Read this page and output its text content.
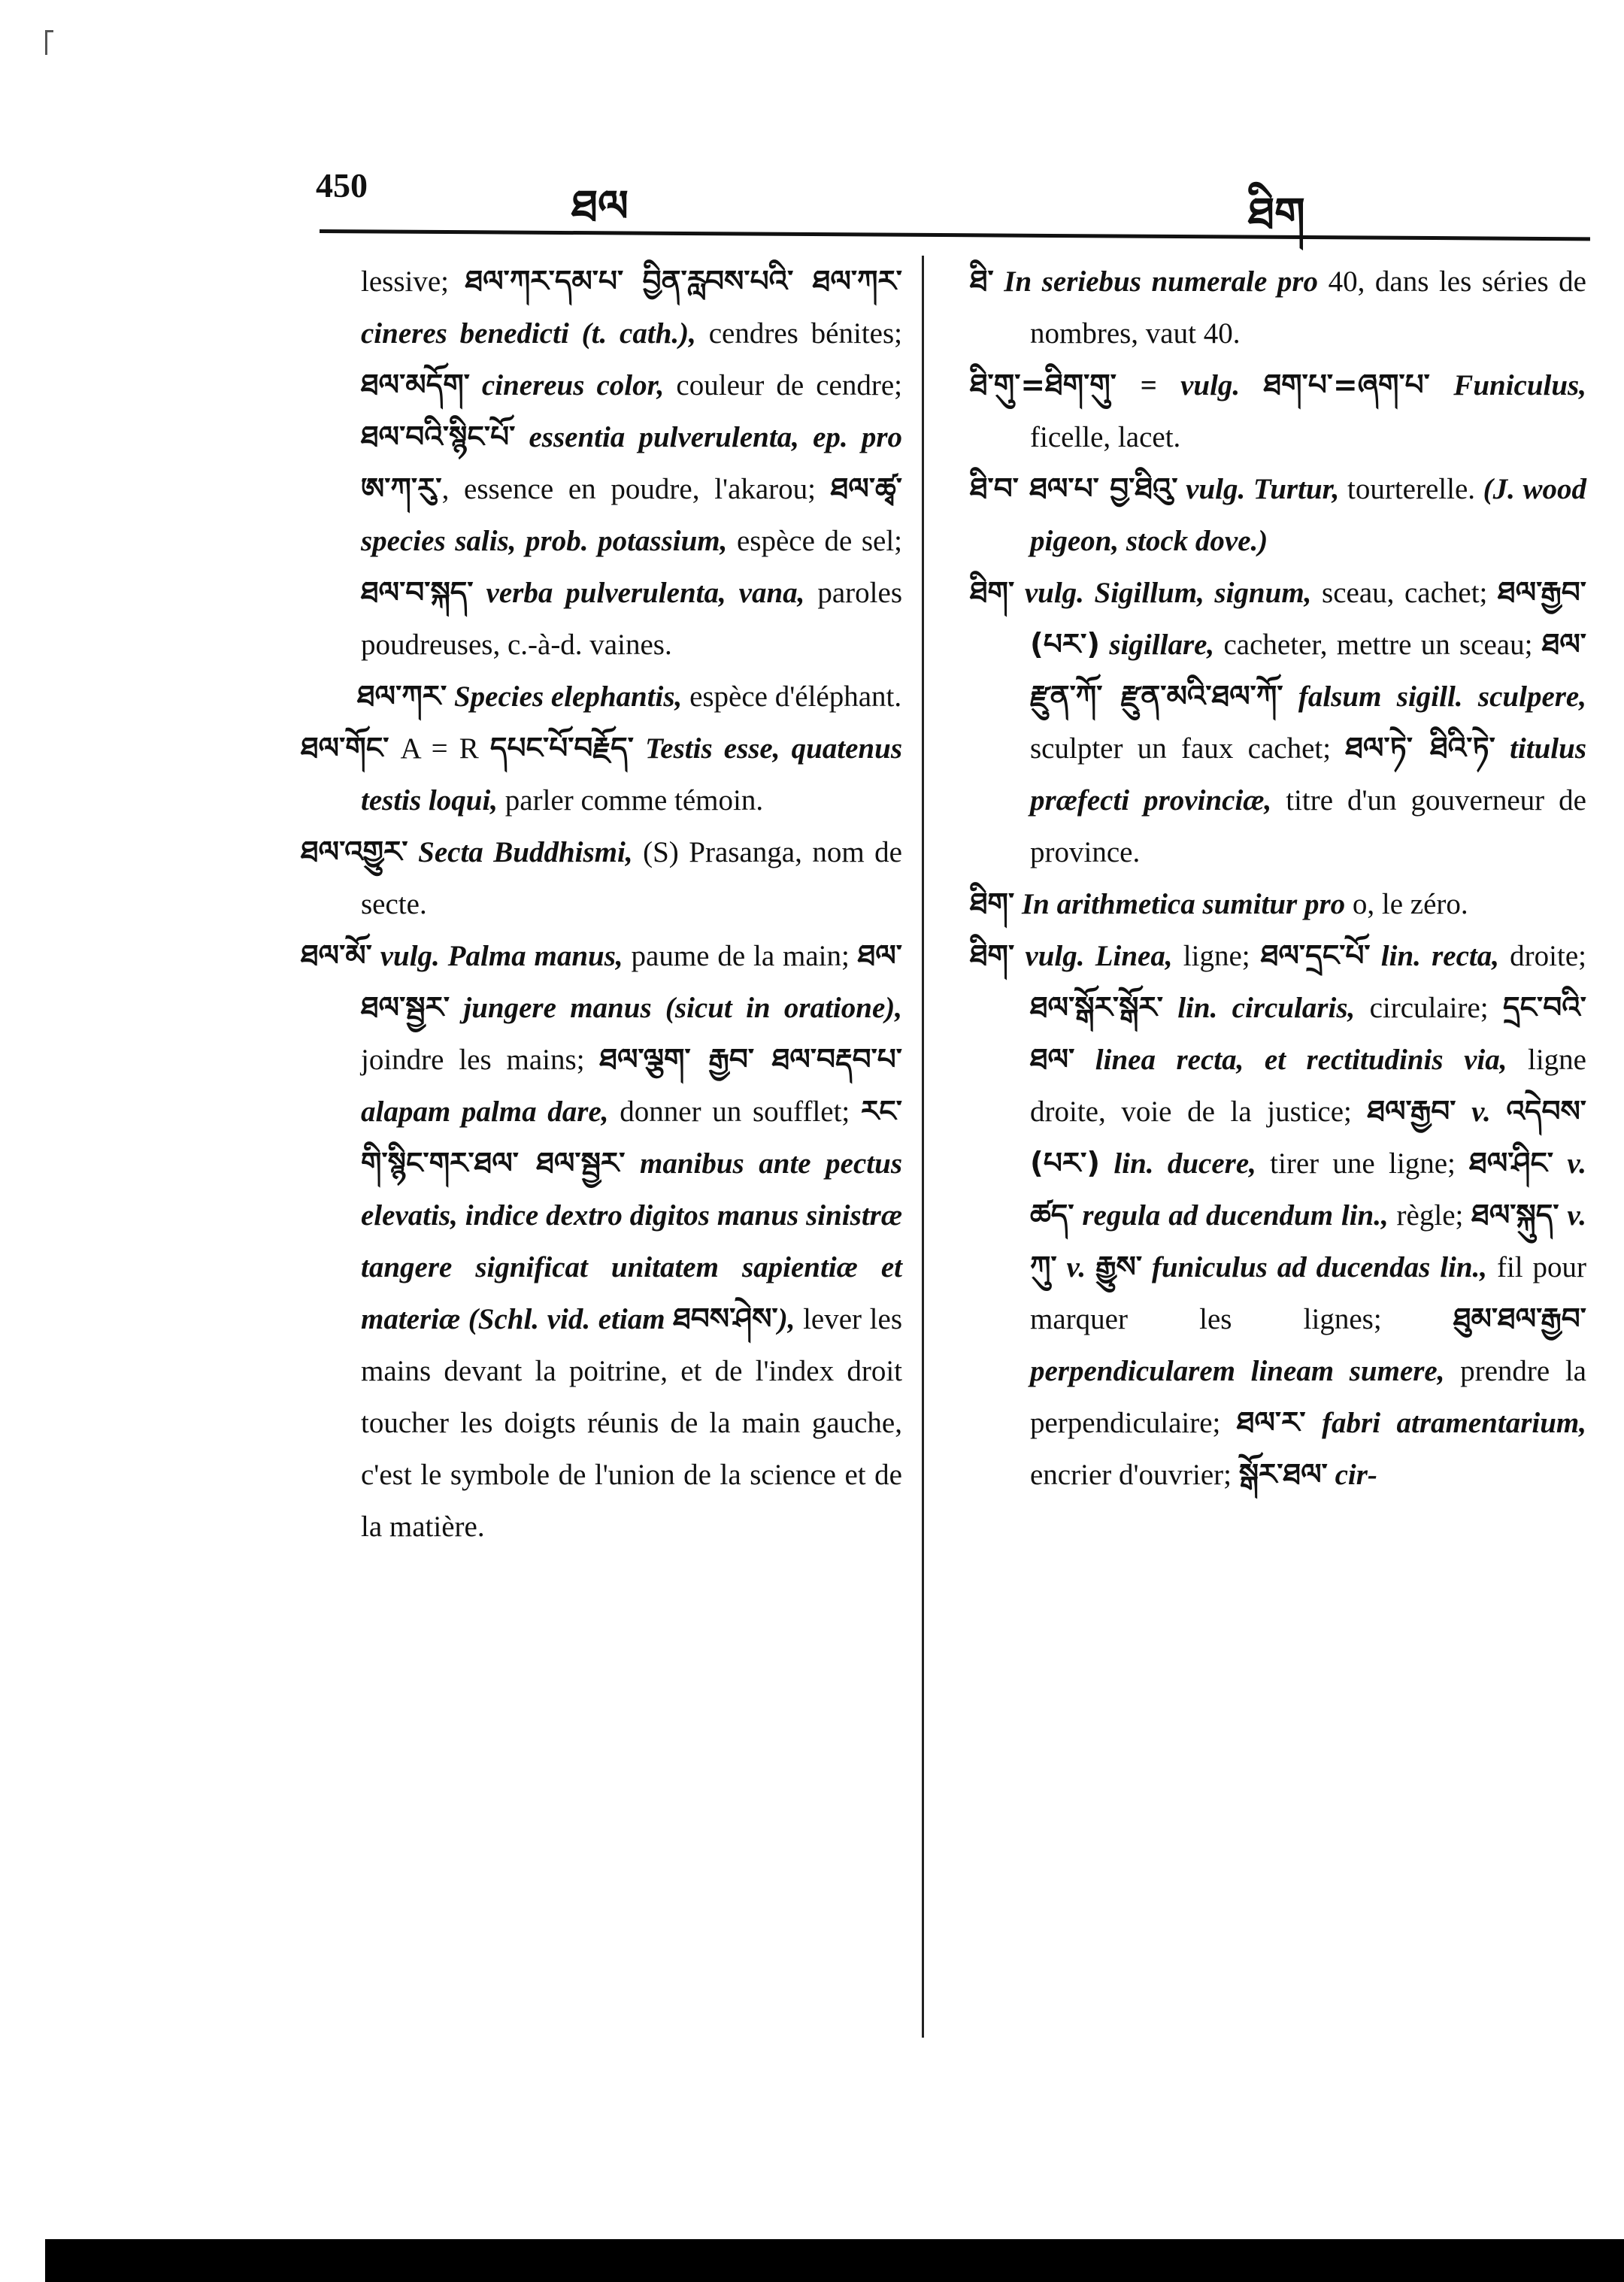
450	ཐལ	ཐིག

lessive; ཐལ་ཀར་དམ་པ་ བྱིན་རླབས་པའི་ ཐལ་ཀར་ cineres benedicti (t. cath.), cendres bénites; ཐལ་མདོག་ cinereus color, couleur de cendre; ཐལ་བའི་སྙིང་པོ་ essentia pulverulenta, ep. pro ཨ་ཀ་རུ་, essence en poudre, l'akarou; ཐལ་ཚྭ་ species salis, prob. potassium, espèce de sel; ཐལ་བ་སྐད་ verba pulverulenta, vana, paroles poudreuses, c.-à-d. vaines.

ཐལ་ཀར་ Species elephantis, espèce d'éléphant.

ཐལ་གོང་ A = R དཔང་པོ་བརྗོད་ Testis esse, quatenus testis loqui, parler comme témoin.

ཐལ་འགྱུར་ Secta Buddhismi, (S) Prasanga, nom de secte.

ཐལ་མོ་ vulg. Palma manus, paume de la main; ཐལ་ཐལ་སྦྱར་ jungere manus (sicut in oratione), joindre les mains; ཐལ་ལྕག་ རྒྱབ་ ཐལ་བརྡབ་པ་ alapam palma dare, donner un soufflet; རང་གི་སྙིང་གར་ཐལ་ ཐལ་སྦྱར་ manibus ante pectus elevatis, indice dextro digitos manus sinistræ tangere significat unitatem sapientiæ et materiæ (Schl. vid. etiam ཐབས་ཤེས་), lever les mains devant la poitrine, et de l'index droit toucher les doigts réunis de la main gauche, c'est le symbole de l'union de la science et de la matière.

ཐི་ In seriebus numerale pro 40, dans les séries de nombres, vaut 40.

ཐི་གུ་=ཐིག་གུ་ = vulg. ཐག་པ་=ཞག་པ་ Funiculus, ficelle, lacet.

ཐི་བ་ ཐལ་པ་ བྱ་ཐིའུ་ vulg. Turtur, tourterelle. (J. wood pigeon, stock dove.)

ཐིག་ vulg. Sigillum, signum, sceau, cachet; ཐལ་རྒྱབ་(པར་) sigillare, cacheter, mettre un sceau; ཐལ་རྫུན་ཀོ་ རྫུན་མའི་ཐལ་ཀོ་ falsum sigill. sculpere, sculpter un faux cachet; ཐལ་ཏེ་ ཐིའི་ཏེ་ titulus præfecti provinciæ, titre d'un gouverneur de province.

ཐིག་ In arithmetica sumitur pro o, le zéro.

ཐིག་ vulg. Linea, ligne; ཐལ་དྲང་པོ་ lin. recta, droite; ཐལ་སྒོར་སྒོར་ lin. circularis, circulaire; དྲང་བའི་ཐལ་ linea recta, et rectitudinis via, ligne droite, voie de la justice; ཐལ་རྒྱབ་ v. འདེབས་(པར་) lin. ducere, tirer une ligne; ཐལ་ཤིང་ v. ཚད་ regula ad ducendum lin., règle; ཐལ་སྐུད་ v. ཀུ་ v. རྒྱུས་ funiculus ad ducendas lin., fil pour marquer les lignes; ཐུམ་ཐལ་རྒྱབ་ perpendicularem lineam sumere, prendre la perpendiculaire; ཐལ་ར་ fabri atramentarium, encrier d'ouvrier; སྒོར་ཐལ་ cir-
